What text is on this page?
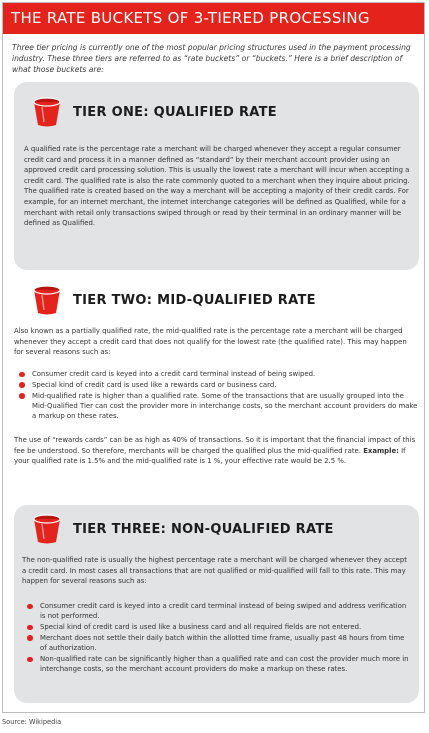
THE RATE BUCKETS OF 3-TIERED PROCESSING
Three tier pricing is currently one of the most popular pricing structures used in the payment processing industry. These three tiers are referred to as “rate buckets” or “buckets.” Here is a brief description of what those buckets are:
TIER ONE: QUALIFIED RATE
A qualified rate is the percentage rate a merchant will be charged whenever they accept a regular consumer credit card and process it in a manner defined as “standard” by their merchant account provider using an approved credit card processing solution. This is usually the lowest rate a merchant will incur when accepting a credit card. The qualified rate is also the rate commonly quoted to a merchant when they inquire about pricing. The qualified rate is created based on the way a merchant will be accepting a majority of their credit cards. For example, for an internet merchant, the internet interchange categories will be defined as Qualified, while for a merchant with retail only transactions swiped through or read by their terminal in an ordinary manner will be defined as Qualified.
TIER TWO: MID-QUALIFIED RATE
Also known as a partially qualified rate, the mid-qualified rate is the percentage rate a merchant will be charged whenever they accept a credit card that does not qualify for the lowest rate (the qualified rate). This may happen for several reasons such as:
Consumer credit card is keyed into a credit card terminal instead of being swiped.
Special kind of credit card is used like a rewards card or business card.
Mid-qualified rate is higher than a qualified rate. Some of the transactions that are usually grouped into the Mid-Qualified Tier can cost the provider more in interchange costs, so the merchant account providers do make a markup on these rates.
The use of “rewards cards” can be as high as 40% of transactions. So it is important that the financial impact of this fee be understood. So therefore, merchants will be charged the qualified plus the mid-qualified rate. Example: If your qualified rate is 1.5% and the mid-qualified rate is 1 %, your effective rate would be 2.5 %.
TIER THREE: NON-QUALIFIED RATE
The non-qualified rate is usually the highest percentage rate a merchant will be charged whenever they accept a credit card. In most cases all transactions that are not qualified or mid-qualified will fall to this rate. This may happen for several reasons such as:
Consumer credit card is keyed into a credit card terminal instead of being swiped and address verification is not performed.
Special kind of credit card is used like a business card and all required fields are not entered.
Merchant does not settle their daily batch within the allotted time frame, usually past 48 hours from time of authorization.
Non-qualified rate can be significantly higher than a qualified rate and can cost the provider much more in interchange costs, so the merchant account providers do make a markup on these rates.
Source: Wikipedia
